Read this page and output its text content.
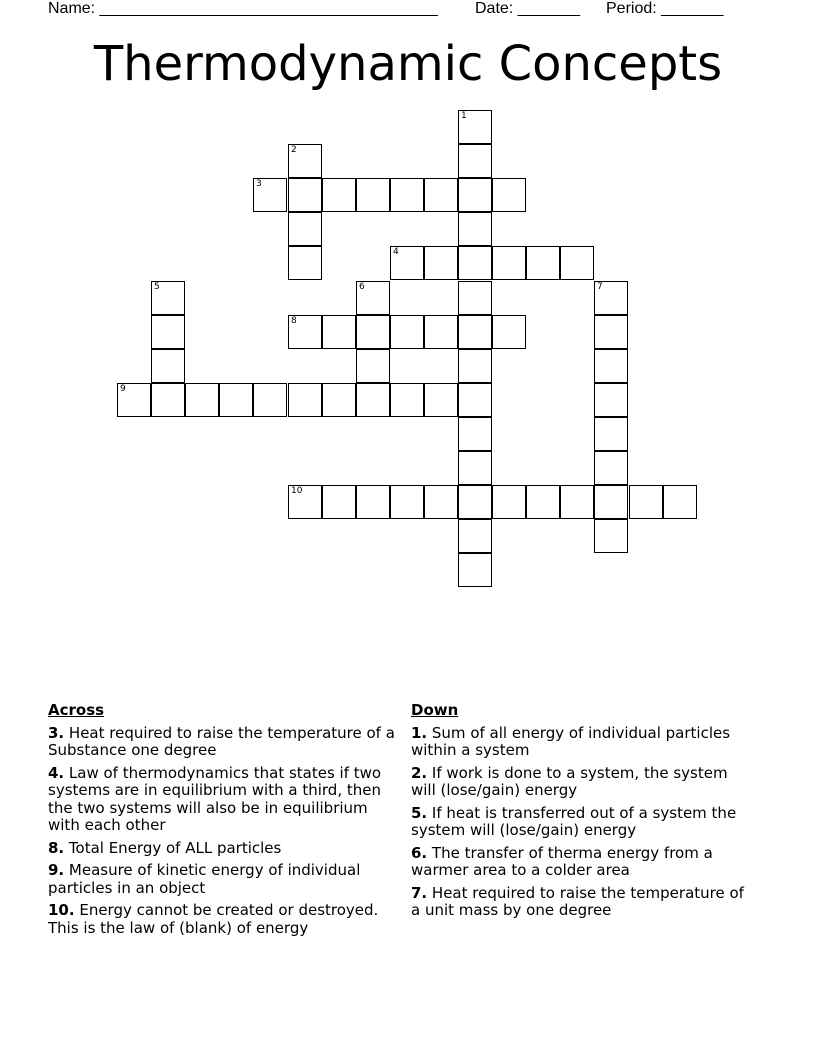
Name: ______________________________________ Date: _______ Period: _______
Thermodynamic Concepts
1
2
3
4
5	6	7
8
9
10
Across
3. Heat required to raise the temperature of a Substance one degree
4. Law of thermodynamics that states if two systems are in equilibrium with a third, then the two systems will also be in equilibrium with each other
8. Total Energy of ALL particles
9. Measure of kinetic energy of individual particles in an object
10. Energy cannot be created or destroyed. This is the law of (blank) of energy
Down
1. Sum of all energy of individual particles within a system
2. If work is done to a system, the system will (lose/gain) energy
5. If heat is transferred out of a system the system will (lose/gain) energy
6. The transfer of therma energy from a warmer area to a colder area
7. Heat required to raise the temperature of a unit mass by one degree
